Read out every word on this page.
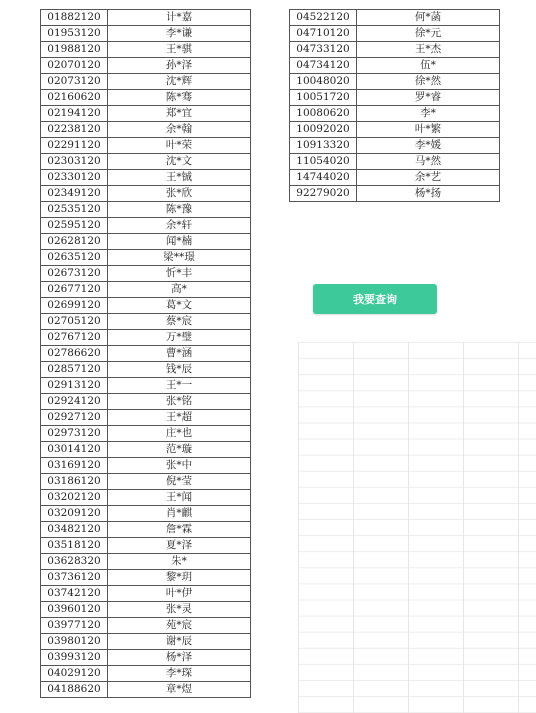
01882120	计*嘉
01953120	李*谦
01988120	王*骐
02070120	孙*泽
02073120	沈*辉
02160620	陈*骞
02194120	郑*宜
02238120	余*翰
02291120	叶*荣
02303120	沈*文
02330120	王*铖
02349120	张*欣
02535120	陈*豫
02595120	余*轩
02628120	闻*楠
02635120	梁**璟
02673120	忻*丰
02677120	高*
02699120	葛*文
02705120	蔡*宸
02767120	万*璧
02786620	曹*涵
02857120	钱*辰
02913120	王*一
02924120	张*铭
02927120	王*超
02973120	庄*也
03014120	范*璇
03169120	张*中
03186120	倪*莹
03202120	王*闻
03209120	肖*麒
03482120	詹*霖
03518120	夏*泽
03628320	朱*
03736120	黎*玥
03742120	叶*伊
03960120	张*灵
03977120	苑*宸
03980120	谢*辰
03993120	杨*泽
04029120	李*琛
04188620	章*煜
04522120	何*菡
04710120	徐*元
04733120	王*杰
04734120	伍*
10048020	徐*然
10051720	罗*睿
10080620	李*
10092020	叶*繁
10913320	李*媛
11054020	马*然
14744020	余*艺
92279020	杨*扬
我要查询
